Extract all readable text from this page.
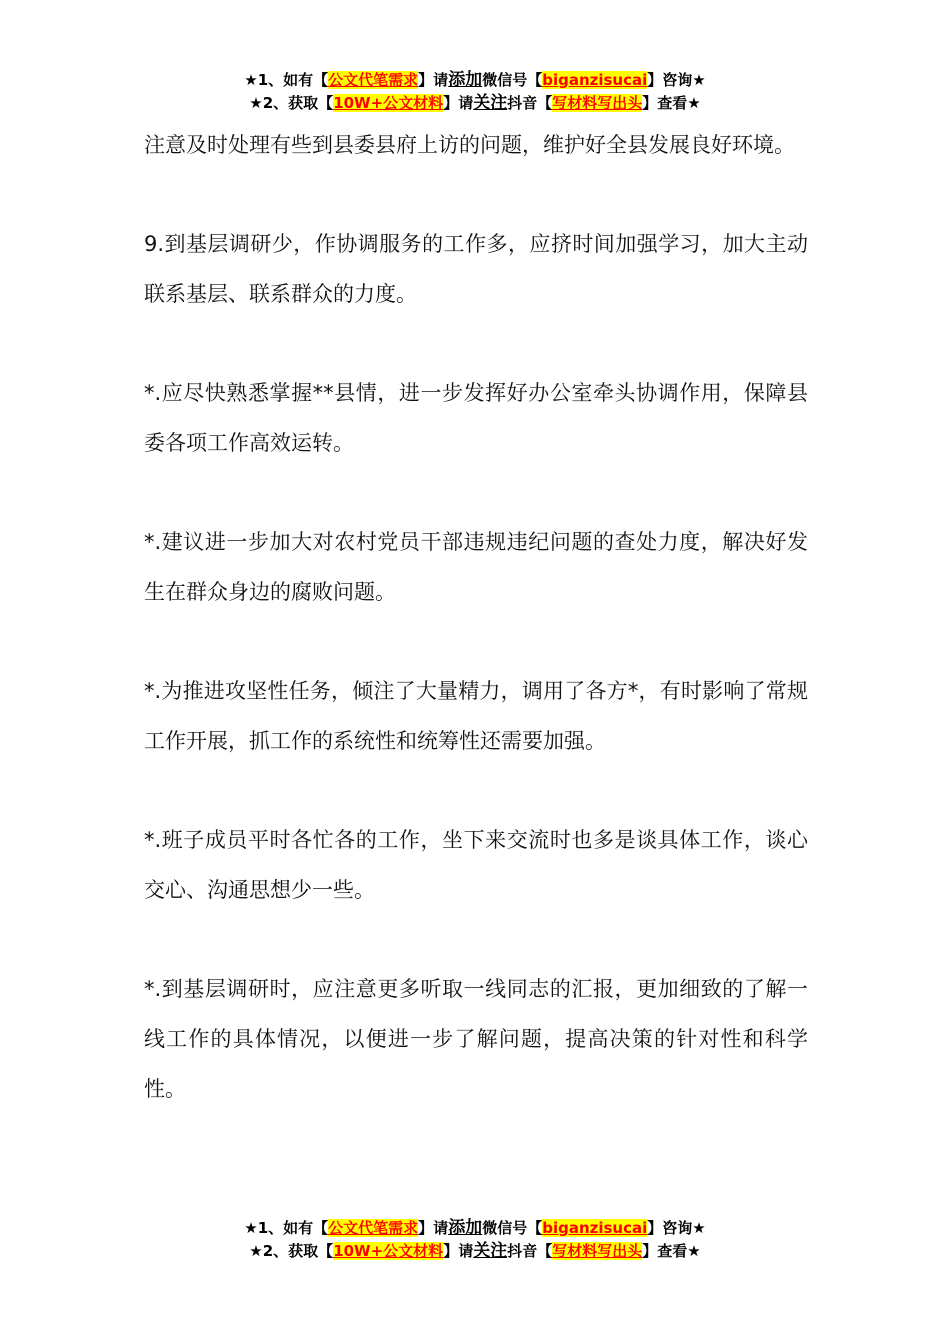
★1、如有【公文代笔需求】请添加微信号【biganzisucai】咨询★
★2、获取【10W+公文材料】请关注抖音【写材料写出头】查看★

注意及时处理有些到县委县府上访的问题，维护好全县发展良好环境。

9.到基层调研少，作协调服务的工作多，应挤时间加强学习，加大主动联系基层、联系群众的力度。

*.应尽快熟悉掌握**县情，进一步发挥好办公室牵头协调作用，保障县委各项工作高效运转。

*.建议进一步加大对农村党员干部违规违纪问题的查处力度，解决好发生在群众身边的腐败问题。

*.为推进攻坚性任务，倾注了大量精力，调用了各方*，有时影响了常规工作开展，抓工作的系统性和统筹性还需要加强。

*.班子成员平时各忙各的工作，坐下来交流时也多是谈具体工作，谈心交心、沟通思想少一些。

*.到基层调研时，应注意更多听取一线同志的汇报，更加细致的了解一线工作的具体情况，以便进一步了解问题，提高决策的针对性和科学性。

★1、如有【公文代笔需求】请添加微信号【biganzisucai】咨询★
★2、获取【10W+公文材料】请关注抖音【写材料写出头】查看★
